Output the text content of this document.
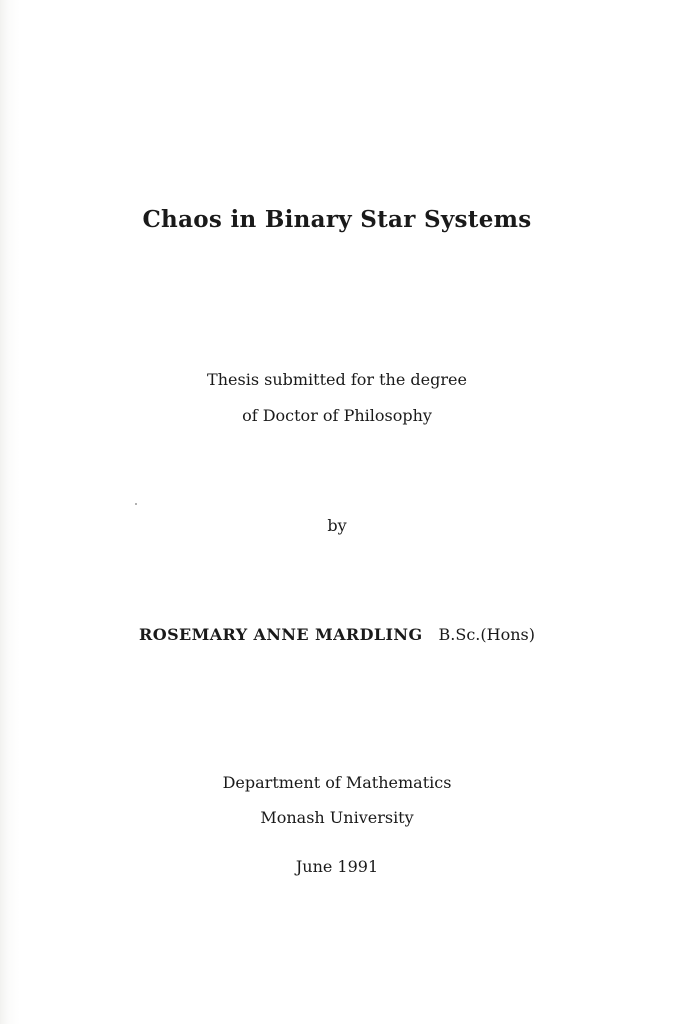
Chaos in Binary Star Systems
Thesis submitted for the degree
of Doctor of Philosophy
by
ROSEMARY ANNE MARDLING B.Sc.(Hons)
Department of Mathematics
Monash University
June 1991
